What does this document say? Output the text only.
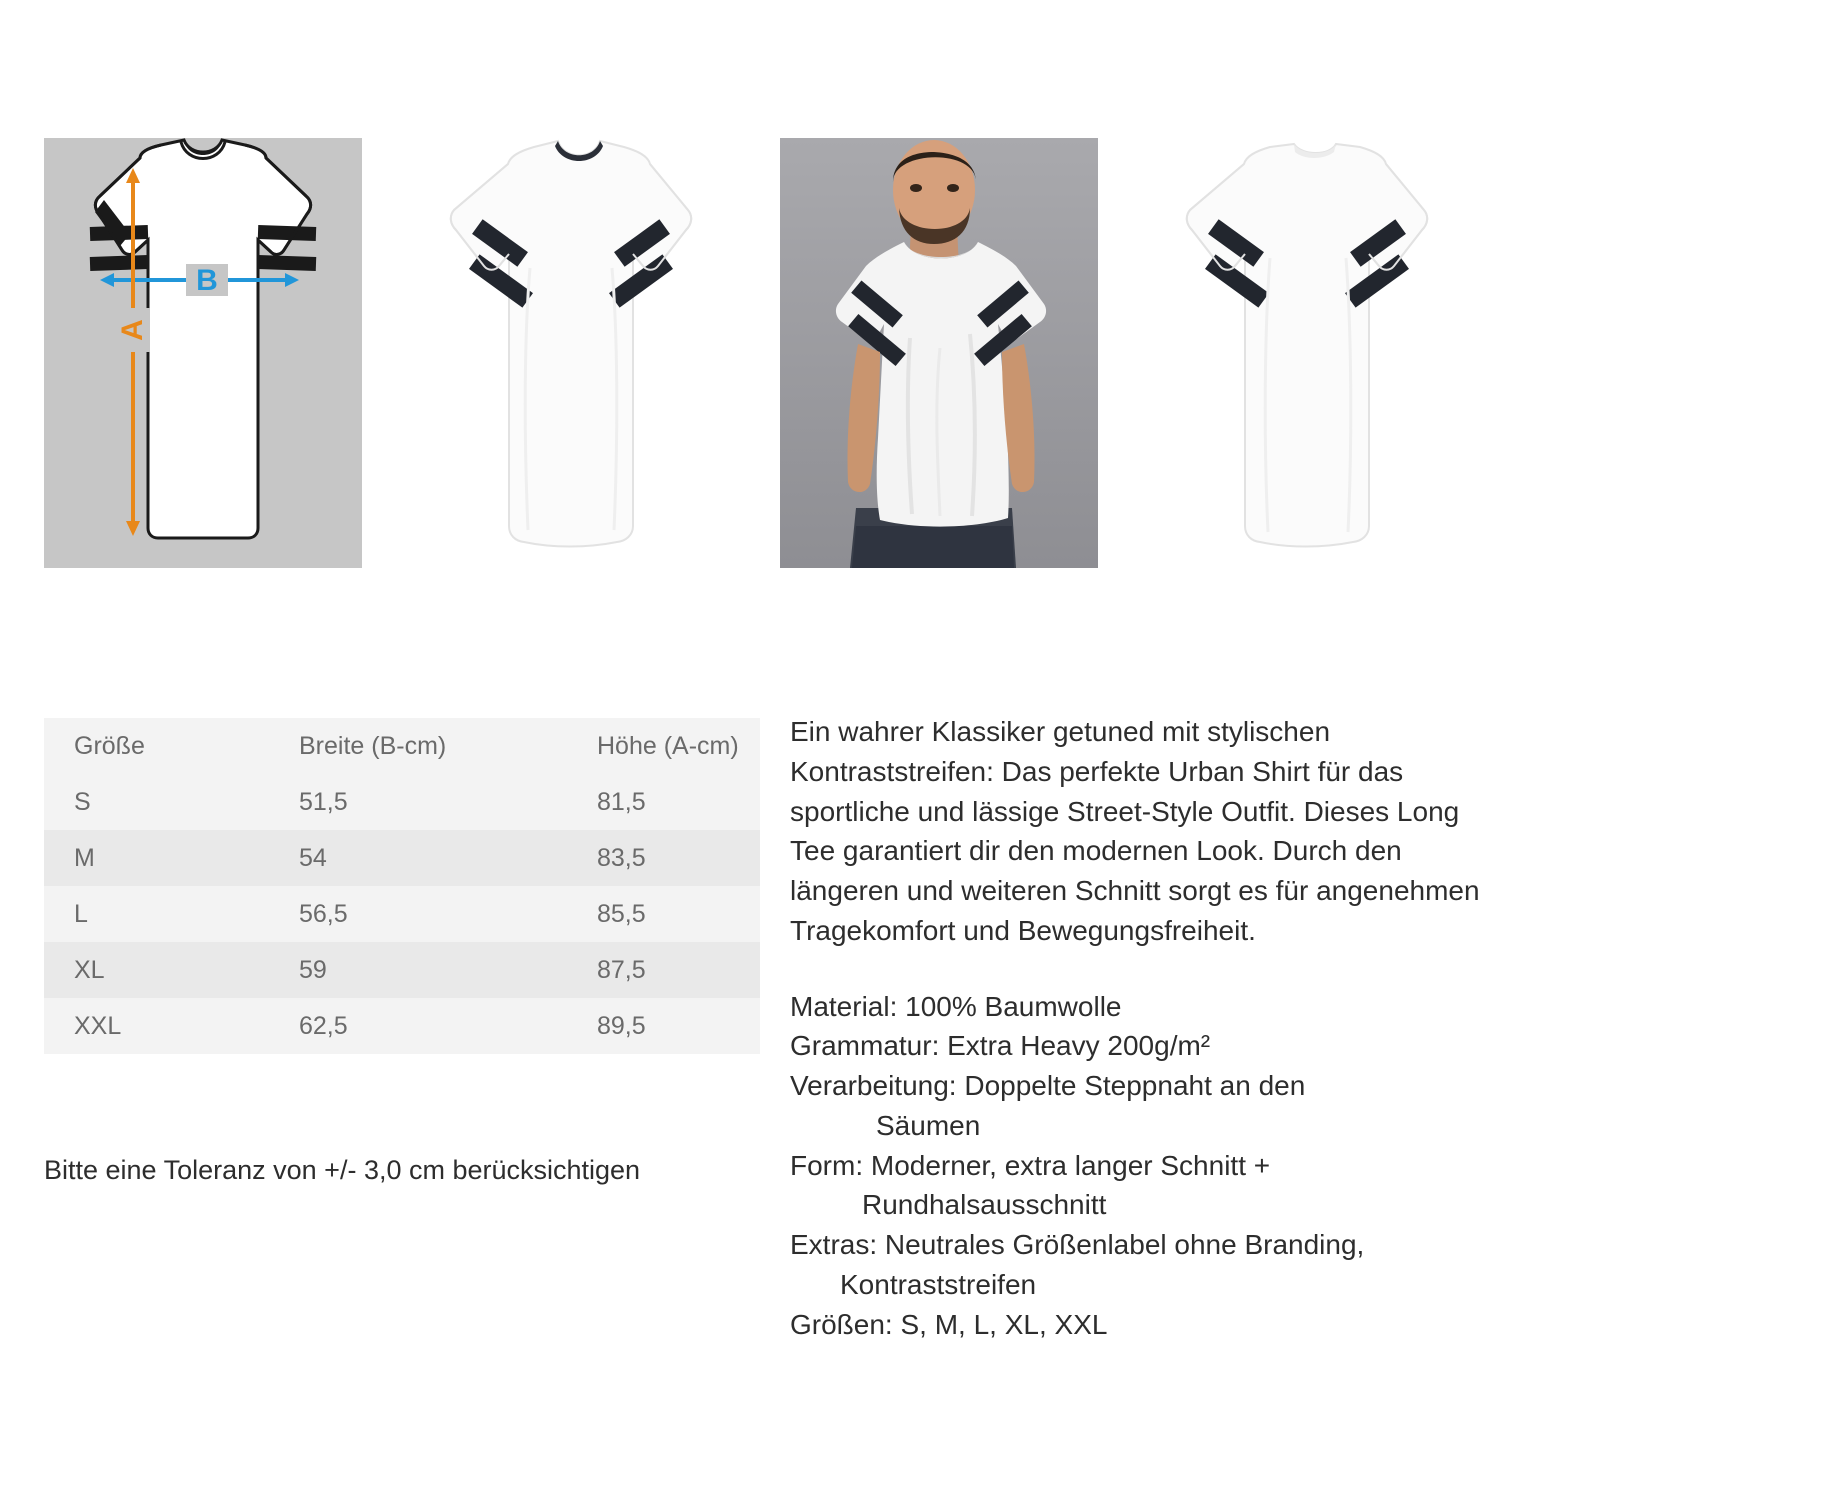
B
A
Größe	Breite (B-cm)	Höhe (A-cm)
S	51,5	81,5
M	54	83,5
L	56,5	85,5
XL	59	87,5
XXL	62,5	89,5
Bitte eine Toleranz von +/- 3,0 cm berücksichtigen

Ein wahrer Klassiker getuned mit stylischen Kontraststreifen: Das perfekte Urban Shirt für das sportliche und lässige Street-Style Outfit. Dieses Long Tee garantiert dir den modernen Look. Durch den längeren und weiteren Schnitt sorgt es für angenehmen Tragekomfort und Bewegungsfreiheit.

Material: 100% Baumwolle

Grammatur: Extra Heavy 200g/m²

Verarbeitung: Doppelte Steppnaht an den

Säumen

Form: Moderner, extra langer Schnitt +

Rundhalsausschnitt

Extras: Neutrales Größenlabel ohne Branding,

Kontraststreifen

Größen: S, M, L, XL, XXL
